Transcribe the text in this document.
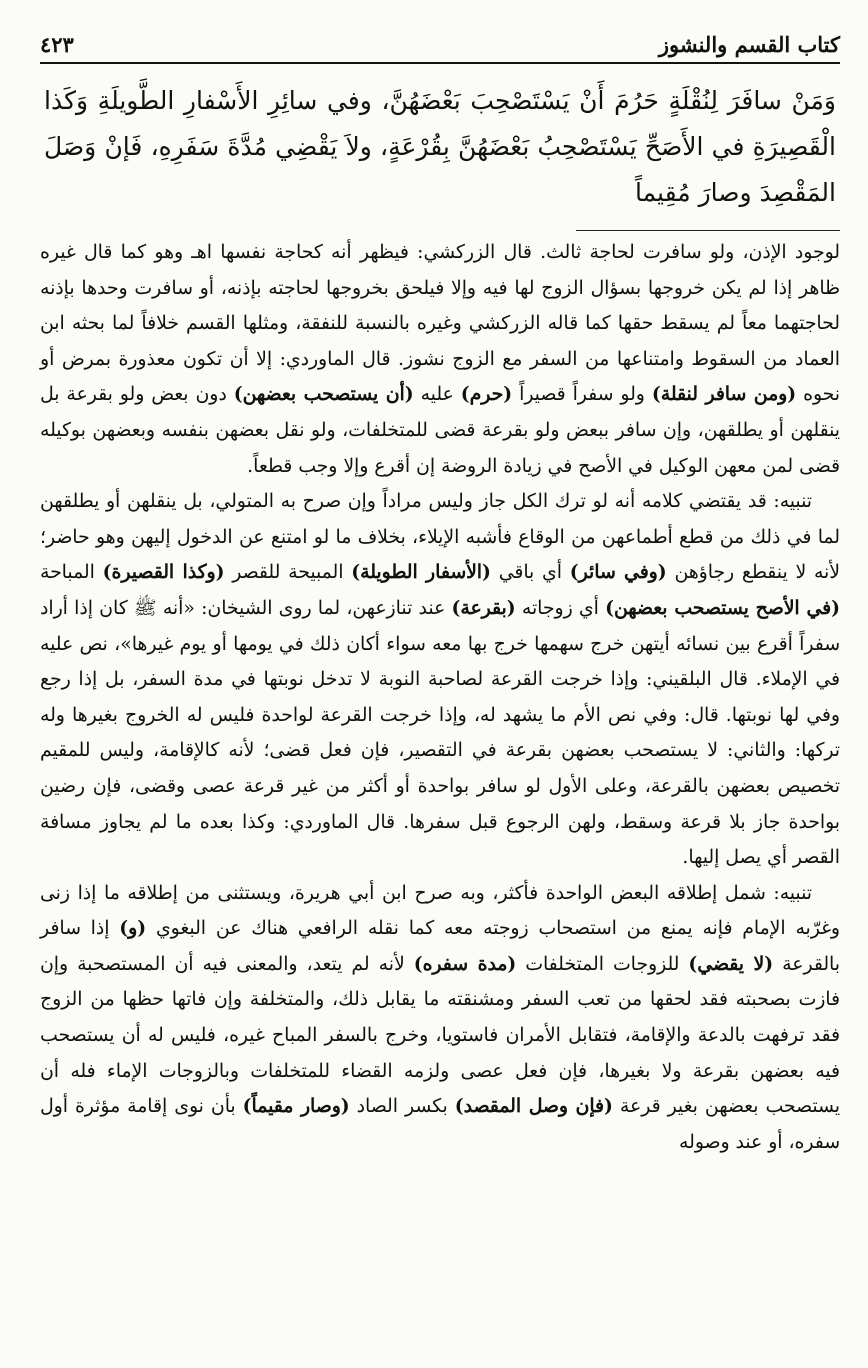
كتاب القسم والنشوز
٤٢٣
وَمَنْ سافَرَ لِنُقْلَةٍ حَرُمَ أَنْ يَسْتَصْحِبَ بَعْضَهُنَّ، وفي سائِرِ الأَسْفارِ الطَّويلَةِ وَكَذا الْقَصِيرَةِ في الأَصَحِّ يَسْتَصْحِبُ بَعْضَهُنَّ بِقُرْعَةٍ، ولاَ يَقْضِي مُدَّةَ سَفَرِهِ، فَإنْ وَصَلَ المَقْصِدَ وصارَ مُقِيماً

لوجود الإذن، ولو سافرت لحاجة ثالث. قال الزركشي: فيظهر أنه كحاجة نفسها اهـ وهو كما قال غيره ظاهر إذا لم يكن خروجها بسؤال الزوج لها فيه وإلا فيلحق بخروجها لحاجته بإذنه، أو سافرت وحدها بإذنه لحاجتهما معاً لم يسقط حقها كما قاله الزركشي وغيره بالنسبة للنفقة، ومثلها القسم خلافاً لما بحثه ابن العماد من السقوط وامتناعها من السفر مع الزوج نشوز. قال الماوردي: إلا أن تكون معذورة بمرض أو نحوه (ومن سافر لنقلة) ولو سفراً قصيراً (حرم) عليه (أن يستصحب بعضهن) دون بعض ولو بقرعة بل ينقلهن أو يطلقهن، وإن سافر ببعض ولو بقرعة قضى للمتخلفات، ولو نقل بعضهن بنفسه وبعضهن بوكيله قضى لمن معهن الوكيل في الأصح في زيادة الروضة إن أقرع وإلا وجب قطعاً.

تنبيه: قد يقتضي كلامه أنه لو ترك الكل جاز وليس مراداً وإن صرح به المتولي، بل ينقلهن أو يطلقهن لما في ذلك من قطع أطماعهن من الوقاع فأشبه الإيلاء، بخلاف ما لو امتنع عن الدخول إليهن وهو حاضر؛ لأنه لا ينقطع رجاؤهن (وفي سائر) أي باقي (الأسفار الطويلة) المبيحة للقصر (وكذا القصيرة) المباحة (في الأصح يستصحب بعضهن) أي زوجاته (بقرعة) عند تنازعهن، لما روى الشيخان: «أنه ﷺ كان إذا أراد سفراً أقرع بين نسائه أيتهن خرج سهمها خرج بها معه سواء أكان ذلك في يومها أو يوم غيرها»، نص عليه في الإملاء. قال البلقيني: وإذا خرجت القرعة لصاحبة النوبة لا تدخل نوبتها في مدة السفر، بل إذا رجع وفي لها نوبتها. قال: وفي نص الأم ما يشهد له، وإذا خرجت القرعة لواحدة فليس له الخروج بغيرها وله تركها: والثاني: لا يستصحب بعضهن بقرعة في التقصير، فإن فعل قضى؛ لأنه كالإقامة، وليس للمقيم تخصيص بعضهن بالقرعة، وعلى الأول لو سافر بواحدة أو أكثر من غير قرعة عصى وقضى، فإن رضين بواحدة جاز بلا قرعة وسقط، ولهن الرجوع قبل سفرها. قال الماوردي: وكذا بعده ما لم يجاوز مسافة القصر أي يصل إليها.

تنبيه: شمل إطلاقه البعض الواحدة فأكثر، وبه صرح ابن أبي هريرة، ويستثنى من إطلاقه ما إذا زنى وغرّبه الإمام فإنه يمنع من استصحاب زوجته معه كما نقله الرافعي هناك عن البغوي (و) إذا سافر بالقرعة (لا يقضي) للزوجات المتخلفات (مدة سفره) لأنه لم يتعد، والمعنى فيه أن المستصحبة وإن فازت بصحبته فقد لحقها من تعب السفر ومشنقته ما يقابل ذلك، والمتخلفة وإن فاتها حظها من الزوج فقد ترفهت بالدعة والإقامة، فتقابل الأمران فاستويا، وخرج بالسفر المباح غيره، فليس له أن يستصحب فيه بعضهن بقرعة ولا بغيرها، فإن فعل عصى ولزمه القضاء للمتخلفات وبالزوجات الإماء فله أن يستصحب بعضهن بغير قرعة (فإن وصل المقصد) بكسر الصاد (وصار مقيماً) بأن نوى إقامة مؤثرة أول سفره، أو عند وصوله
